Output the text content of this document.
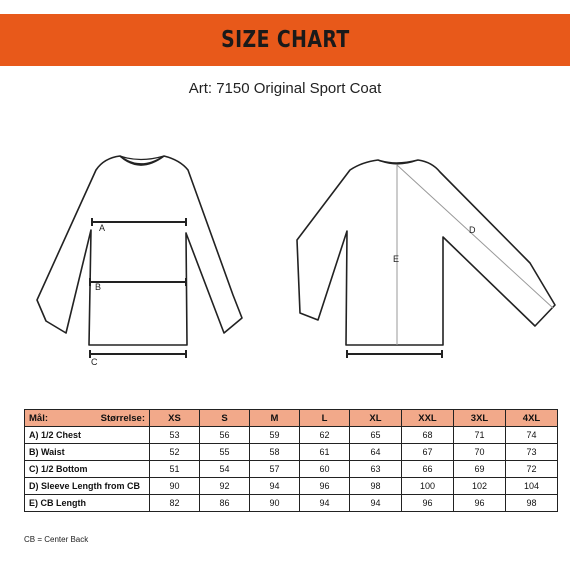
SIZE CHART
Art: 7150 Original Sport Coat
A
B
C
E
D
Mål: Størrelse:	XS	S	M	L	XL	XXL	3XL	4XL
A) 1/2 Chest	53	56	59	62	65	68	71	74
B) Waist	52	55	58	61	64	67	70	73
C) 1/2 Bottom	51	54	57	60	63	66	69	72
D) Sleeve Length from CB	90	92	94	96	98	100	102	104
E) CB Length	82	86	90	94	94	96	96	98
CB = Center Back
